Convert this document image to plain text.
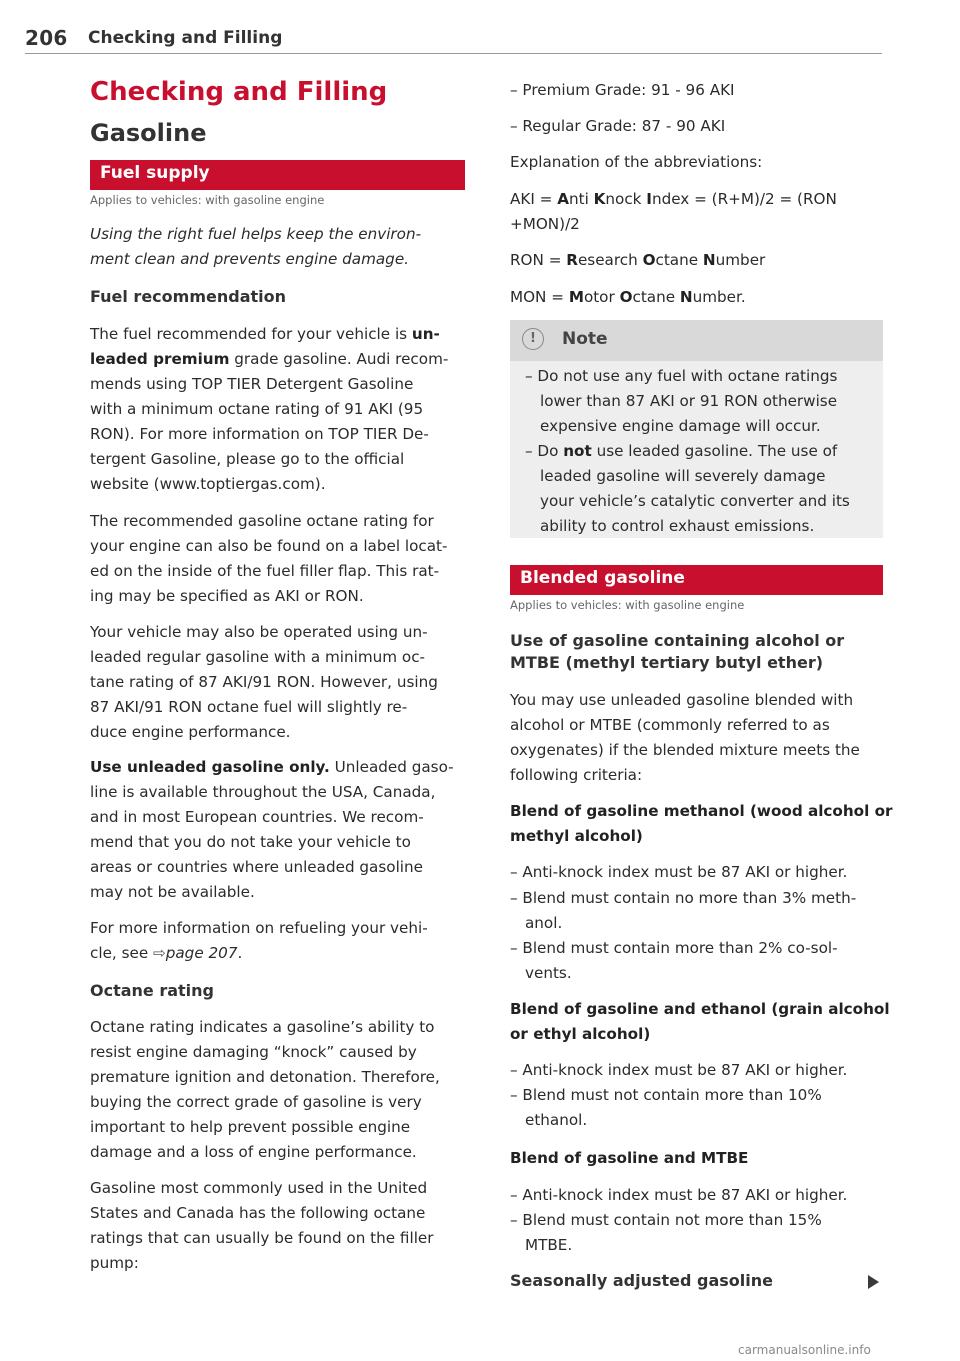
206 Checking and Filling
Checking and Filling
Gasoline
Fuel supply
Applies to vehicles: with gasoline engine
Using the right fuel helps keep the environ-
ment clean and prevents engine damage.
Fuel recommendation
The fuel recommended for your vehicle is un-
leaded premium grade gasoline. Audi recom-
mends using TOP TIER Detergent Gasoline
with a minimum octane rating of 91 AKI (95
RON). For more information on TOP TIER De-
tergent Gasoline, please go to the official
website (www.toptiergas.com).
The recommended gasoline octane rating for
your engine can also be found on a label locat-
ed on the inside of the fuel filler flap. This rat-
ing may be specified as AKI or RON.
Your vehicle may also be operated using un-
leaded regular gasoline with a minimum oc-
tane rating of 87 AKI/91 RON. However, using
87 AKI/91 RON octane fuel will slightly re-
duce engine performance.
Use unleaded gasoline only. Unleaded gaso-
line is available throughout the USA, Canada,
and in most European countries. We recom-
mend that you do not take your vehicle to
areas or countries where unleaded gasoline
may not be available.
For more information on refueling your vehi-
cle, see ⇨page 207.
Octane rating
Octane rating indicates a gasoline’s ability to
resist engine damaging “knock” caused by
premature ignition and detonation. Therefore,
buying the correct grade of gasoline is very
important to help prevent possible engine
damage and a loss of engine performance.
Gasoline most commonly used in the United
States and Canada has the following octane
ratings that can usually be found on the filler
pump:
– Premium Grade: 91 - 96 AKI
– Regular Grade: 87 - 90 AKI
Explanation of the abbreviations:
AKI = Anti Knock Index = (R+M)/2 = (RON
+MON)/2
RON = Research Octane Number
MON = Motor Octane Number.
!	Note
– Do not use any fuel with octane ratings
lower than 87 AKI or 91 RON otherwise
expensive engine damage will occur.
– Do not use leaded gasoline. The use of
leaded gasoline will severely damage
your vehicle’s catalytic converter and its
ability to control exhaust emissions.
Blended gasoline
Applies to vehicles: with gasoline engine
Use of gasoline containing alcohol or
MTBE (methyl tertiary butyl ether)
You may use unleaded gasoline blended with
alcohol or MTBE (commonly referred to as
oxygenates) if the blended mixture meets the
following criteria:
Blend of gasoline methanol (wood alcohol or
methyl alcohol)
– Anti-knock index must be 87 AKI or higher.
– Blend must contain no more than 3% meth-
anol.
– Blend must contain more than 2% co-sol-
vents.
Blend of gasoline and ethanol (grain alcohol
or ethyl alcohol)
– Anti-knock index must be 87 AKI or higher.
– Blend must not contain more than 10%
ethanol.
Blend of gasoline and MTBE
– Anti-knock index must be 87 AKI or higher.
– Blend must contain not more than 15%
MTBE.
Seasonally adjusted gasoline
carmanualsonline.info
